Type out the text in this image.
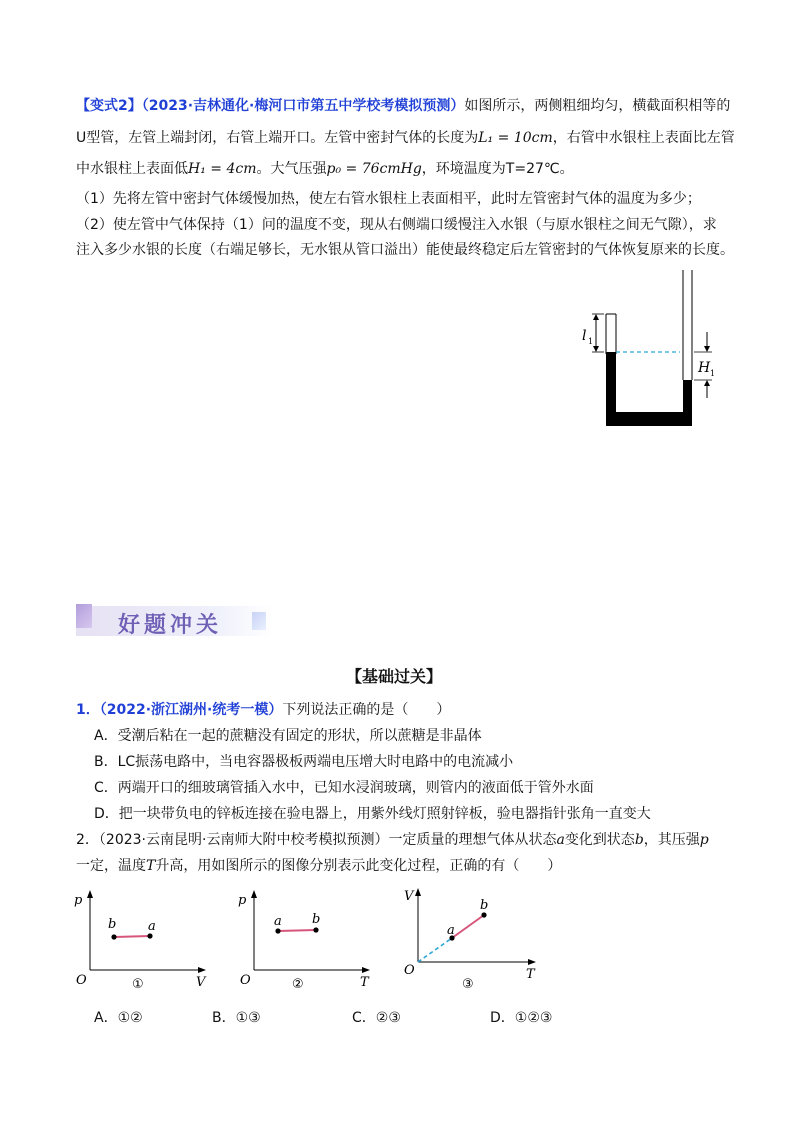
【变式2】（2023·吉林通化·梅河口市第五中学校考模拟预测）如图所示，两侧粗细均匀，横截面积相等的
U型管，左管上端封闭，右管上端开口。左管中密封气体的长度为L₁ = 10cm，右管中水银柱上表面比左管
中水银柱上表面低H₁ = 4cm。大气压强p₀ = 76cmHg，环境温度为T=27℃。
（1）先将左管中密封气体缓慢加热，使左右管水银柱上表面相平，此时左管密封气体的温度为多少；
（2）使左管中气体保持（1）问的温度不变，现从右侧端口缓慢注入水银（与原水银柱之间无气隙），求
注入多少水银的长度（右端足够长，无水银从管口溢出）能使最终稳定后左管密封的气体恢复原来的长度。
l 1
H 1
好题冲关
【基础过关】
1．（2022·浙江湖州·统考一模）下列说法正确的是（　　）
A．受潮后粘在一起的蔗糖没有固定的形状，所以蔗糖是非晶体
B．LC振荡电路中，当电容器极板两端电压增大时电路中的电流减小
C．两端开口的细玻璃管插入水中，已知水浸润玻璃，则管内的液面低于管外水面
D．把一块带负电的锌板连接在验电器上，用紫外线灯照射锌板，验电器指针张角一直变大
2．（2023·云南昆明·云南师大附中校考模拟预测）一定质量的理想气体从状态a变化到状态b，其压强p
一定，温度T升高，用如图所示的图像分别表示此变化过程，正确的有（　　）
p
V
O
b a
①
p
T
O
a b
②
V
T
O
a
b
③
A．①②	B．①③	C．②③	D．①②③
